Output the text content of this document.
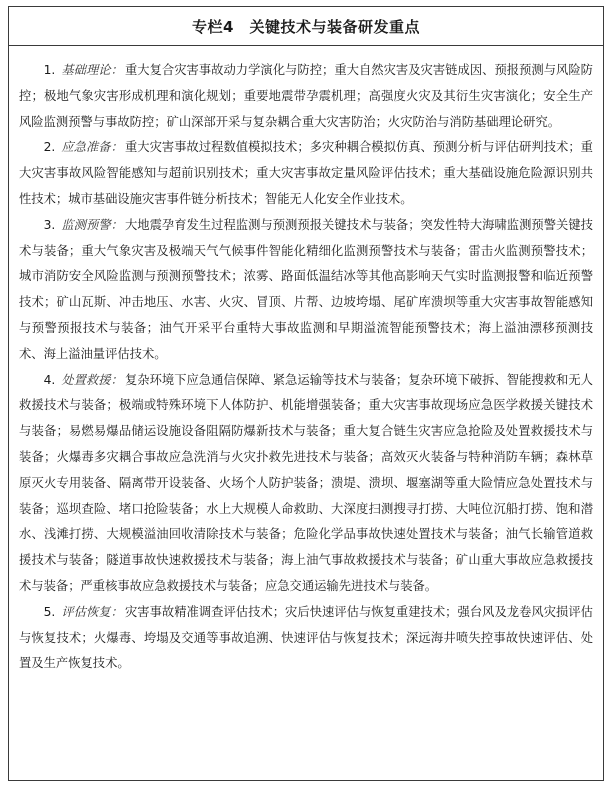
专栏4　关键技术与装备研发重点

1. 基础理论： 重大复合灾害事故动力学演化与防控；重大自然灾害及灾害链成因、预报预测与风险防控；极地气象灾害形成机理和演化规划；重要地震带孕震机理；高强度火灾及其衍生灾害演化；安全生产风险监测预警与事故防控；矿山深部开采与复杂耦合重大灾害防治；火灾防治与消防基础理论研究。

2. 应急准备： 重大灾害事故过程数值模拟技术；多灾种耦合模拟仿真、预测分析与评估研判技术；重大灾害事故风险智能感知与超前识别技术；重大灾害事故定量风险评估技术；重大基础设施危险源识别共性技术；城市基础设施灾害事件链分析技术；智能无人化安全作业技术。

3. 监测预警： 大地震孕育发生过程监测与预测预报关键技术与装备；突发性特大海啸监测预警关键技术与装备；重大气象灾害及极端天气气候事件智能化精细化监测预警技术与装备；雷击火监测预警技术；城市消防安全风险监测与预测预警技术；浓雾、路面低温结冰等其他高影响天气实时监测报警和临近预警技术；矿山瓦斯、冲击地压、水害、火灾、冒顶、片帮、边坡垮塌、尾矿库溃坝等重大灾害事故智能感知与预警预报技术与装备；油气开采平台重特大事故监测和早期溢流智能预警技术；海上溢油漂移预测技术、海上溢油量评估技术。

4. 处置救援： 复杂环境下应急通信保障、紧急运输等技术与装备；复杂环境下破拆、智能搜救和无人救援技术与装备；极端或特殊环境下人体防护、机能增强装备；重大灾害事故现场应急医学救援关键技术与装备；易燃易爆品储运设施设备阻隔防爆新技术与装备；重大复合链生灾害应急抢险及处置救援技术与装备；火爆毒多灾耦合事故应急洗消与火灾扑救先进技术与装备；高效灭火装备与特种消防车辆；森林草原灭火专用装备、隔离带开设装备、火场个人防护装备；溃堤、溃坝、堰塞湖等重大险情应急处置技术与装备；巡坝查险、堵口抢险装备；水上大规模人命救助、大深度扫测搜寻打捞、大吨位沉船打捞、饱和潜水、浅滩打捞、大规模溢油回收清除技术与装备；危险化学品事故快速处置技术与装备；油气长输管道救援技术与装备；隧道事故快速救援技术与装备；海上油气事故救援技术与装备；矿山重大事故应急救援技术与装备；严重核事故应急救援技术与装备；应急交通运输先进技术与装备。

5. 评估恢复： 灾害事故精准调查评估技术；灾后快速评估与恢复重建技术；强台风及龙卷风灾损评估与恢复技术；火爆毒、垮塌及交通等事故追溯、快速评估与恢复技术；深远海井喷失控事故快速评估、处置及生产恢复技术。
